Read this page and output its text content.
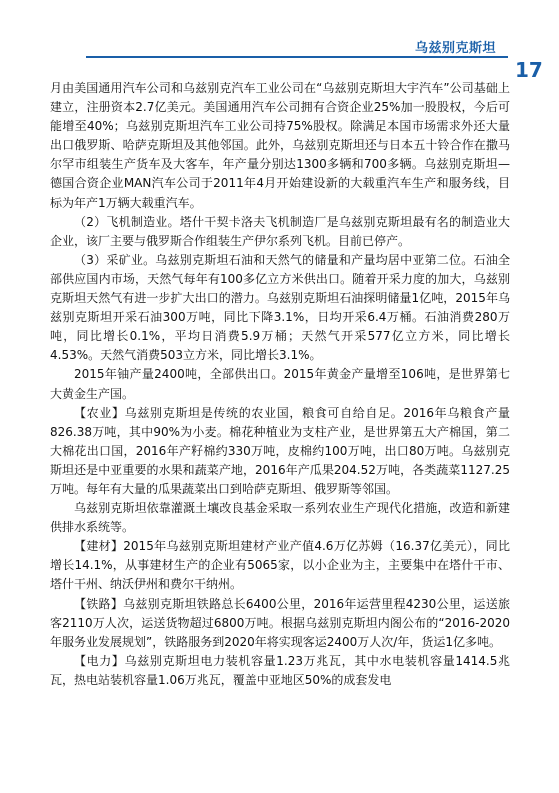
乌兹别克斯坦
17

月由美国通用汽车公司和乌兹别克汽车工业公司在“乌兹别克斯坦大宇汽车”公司基础上建立，注册资本2.7亿美元。美国通用汽车公司拥有合资企业25%加一股股权，今后可能增至40%；乌兹别克斯坦汽车工业公司持75%股权。除满足本国市场需求外还大量出口俄罗斯、哈萨克斯坦及其他邻国。此外，乌兹别克斯坦还与日本五十铃合作在撒马尔罕市组装生产货车及大客车，年产量分别达1300多辆和700多辆。乌兹别克斯坦—德国合资企业MAN汽车公司于2011年4月开始建设新的大载重汽车生产和服务线，目标为年产1万辆大载重汽车。

（2）飞机制造业。塔什干契卡洛夫飞机制造厂是乌兹别克斯坦最有名的制造业大企业，该厂主要与俄罗斯合作组装生产伊尔系列飞机。目前已停产。

（3）采矿业。乌兹别克斯坦石油和天然气的储量和产量均居中亚第二位。石油全部供应国内市场，天然气每年有100多亿立方米供出口。随着开采力度的加大，乌兹别克斯坦天然气有进一步扩大出口的潜力。乌兹别克斯坦石油探明储量1亿吨，2015年乌兹别克斯坦开采石油300万吨，同比下降3.1%，日均开采6.4万桶。石油消费280万吨，同比增长0.1%，平均日消费5.9万桶；天然气开采577亿立方米，同比增长4.53%。天然气消费503立方米，同比增长3.1%。

2015年铀产量2400吨，全部供出口。2015年黄金产量增至106吨，是世界第七大黄金生产国。

【农业】乌兹别克斯坦是传统的农业国，粮食可自给自足。2016年乌粮食产量826.38万吨，其中90%为小麦。棉花种植业为支柱产业，是世界第五大产棉国，第二大棉花出口国，2016年产籽棉约330万吨，皮棉约100万吨，出口80万吨。乌兹别克斯坦还是中亚重要的水果和蔬菜产地，2016年产瓜果204.52万吨，各类蔬菜1127.25万吨。每年有大量的瓜果蔬菜出口到哈萨克斯坦、俄罗斯等邻国。

乌兹别克斯坦依靠灌溉土壤改良基金采取一系列农业生产现代化措施，改造和新建供排水系统等。

【建材】2015年乌兹别克斯坦建材产业产值4.6万亿苏姆（16.37亿美元），同比增长14.1%，从事建材生产的企业有5065家，以小企业为主，主要集中在塔什干市、塔什干州、纳沃伊州和费尔干纳州。

【铁路】乌兹别克斯坦铁路总长6400公里，2016年运营里程4230公里，运送旅客2110万人次，运送货物超过6800万吨。根据乌兹别克斯坦内阁公布的“2016-2020年服务业发展规划”，铁路服务到2020年将实现客运2400万人次/年，货运1亿多吨。

【电力】乌兹别克斯坦电力装机容量1.23万兆瓦，其中水电装机容量1414.5兆瓦，热电站装机容量1.06万兆瓦，覆盖中亚地区50%的成套发电
